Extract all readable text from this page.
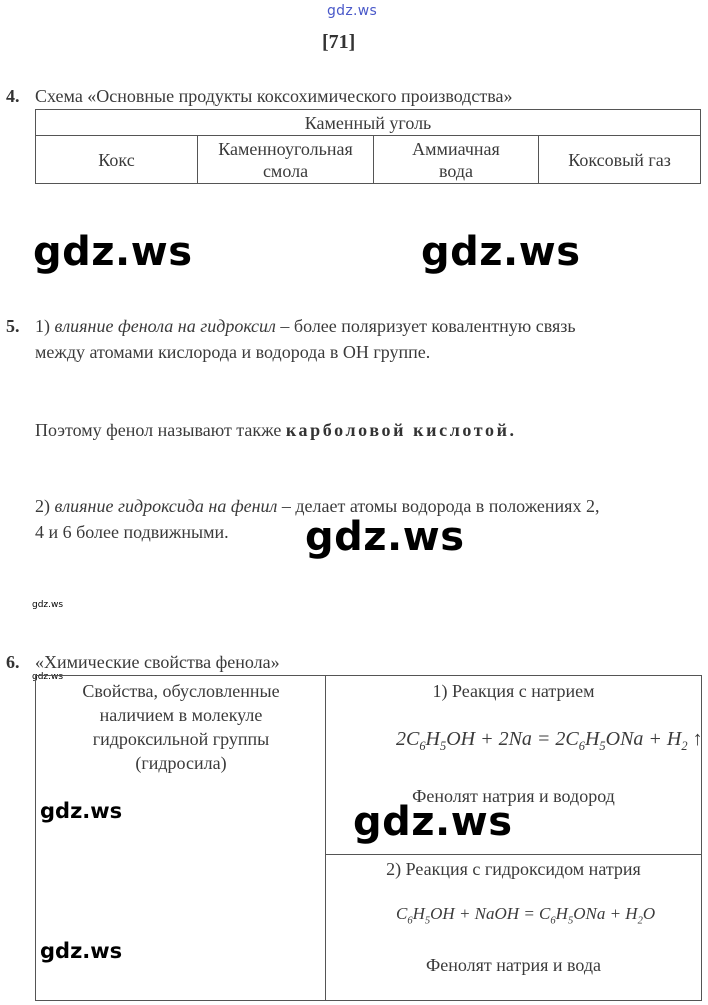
gdz.ws
[71]
4. Схема «Основные продукты коксохимического производства»
Каменный уголь
Кокс	Каменноугольная смола	Аммиачная вода	Коксовый газ
gdz.ws	gdz.ws
5. 1) влияние фенола на гидроксил – более поляризует ковалентную связь
между атомами кислорода и водорода в ОН группе.
Поэтому фенол называют также карболовой кислотой.
2) влияние гидроксида на фенил – делает атомы водорода в положениях 2,
4 и 6 более подвижными. gdz.ws
gdz.ws
6. «Химические свойства фенола»
gdz.ws
Свойства, обусловленные наличием в молекуле гидроксильной группы (гидросила)
1) Реакция с натрием
$2C_6H_5OH + 2Na = 2C_6H_5ONa + H_2$ ↑
Фенолят натрия и водород
2) Реакция с гидроксидом натрия
$C_6H_5OH$ + NaOH = $C_6H_5ONa + H_2O$
Фенолят натрия и вода
gdz.ws	gdz.ws
gdz.ws
